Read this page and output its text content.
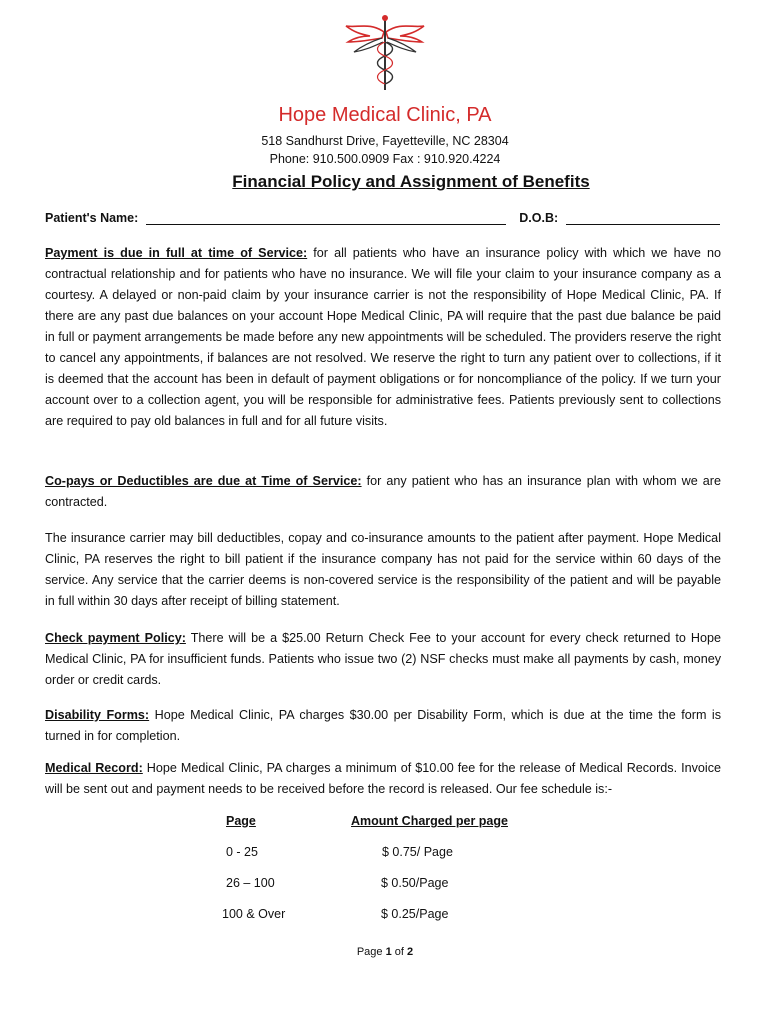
Hope Medical Clinic, PA
518 Sandhurst Drive, Fayetteville, NC 28304
Phone: 910.500.0909 Fax : 910.920.4224
Financial Policy and Assignment of Benefits
Patient's Name:	D.O.B:

Payment is due in full at time of Service: for all patients who have an insurance policy with which we have no contractual relationship and for patients who have no insurance. We will file your claim to your insurance company as a courtesy. A delayed or non-paid claim by your insurance carrier is not the responsibility of Hope Medical Clinic, PA. If there are any past due balances on your account Hope Medical Clinic, PA will require that the past due balance be paid in full or payment arrangements be made before any new appointments will be scheduled. The providers reserve the right to cancel any appointments, if balances are not resolved. We reserve the right to turn any patient over to collections, if it is deemed that the account has been in default of payment obligations or for noncompliance of the policy. If we turn your account over to a collection agent, you will be responsible for administrative fees. Patients previously sent to collections are required to pay old balances in full and for all future visits.

Co-pays or Deductibles are due at Time of Service: for any patient who has an insurance plan with whom we are contracted.

The insurance carrier may bill deductibles, copay and co-insurance amounts to the patient after payment. Hope Medical Clinic, PA reserves the right to bill patient if the insurance company has not paid for the service within 60 days of the service. Any service that the carrier deems is non-covered service is the responsibility of the patient and will be payable in full within 30 days after receipt of billing statement.

Check payment Policy: There will be a $25.00 Return Check Fee to your account for every check returned to Hope Medical Clinic, PA for insufficient funds. Patients who issue two (2) NSF checks must make all payments by cash, money order or credit cards.

Disability Forms: Hope Medical Clinic, PA charges $30.00 per Disability Form, which is due at the time the form is turned in for completion.

Medical Record: Hope Medical Clinic, PA charges a minimum of $10.00 fee for the release of Medical Records. Invoice will be sent out and payment needs to be received before the record is released. Our fee schedule is:-

Page	Amount Charged per page
0 - 25	$ 0.75/ Page
26 – 100	$ 0.50/Page
100 & Over	$ 0.25/Page
Page 1 of 2
